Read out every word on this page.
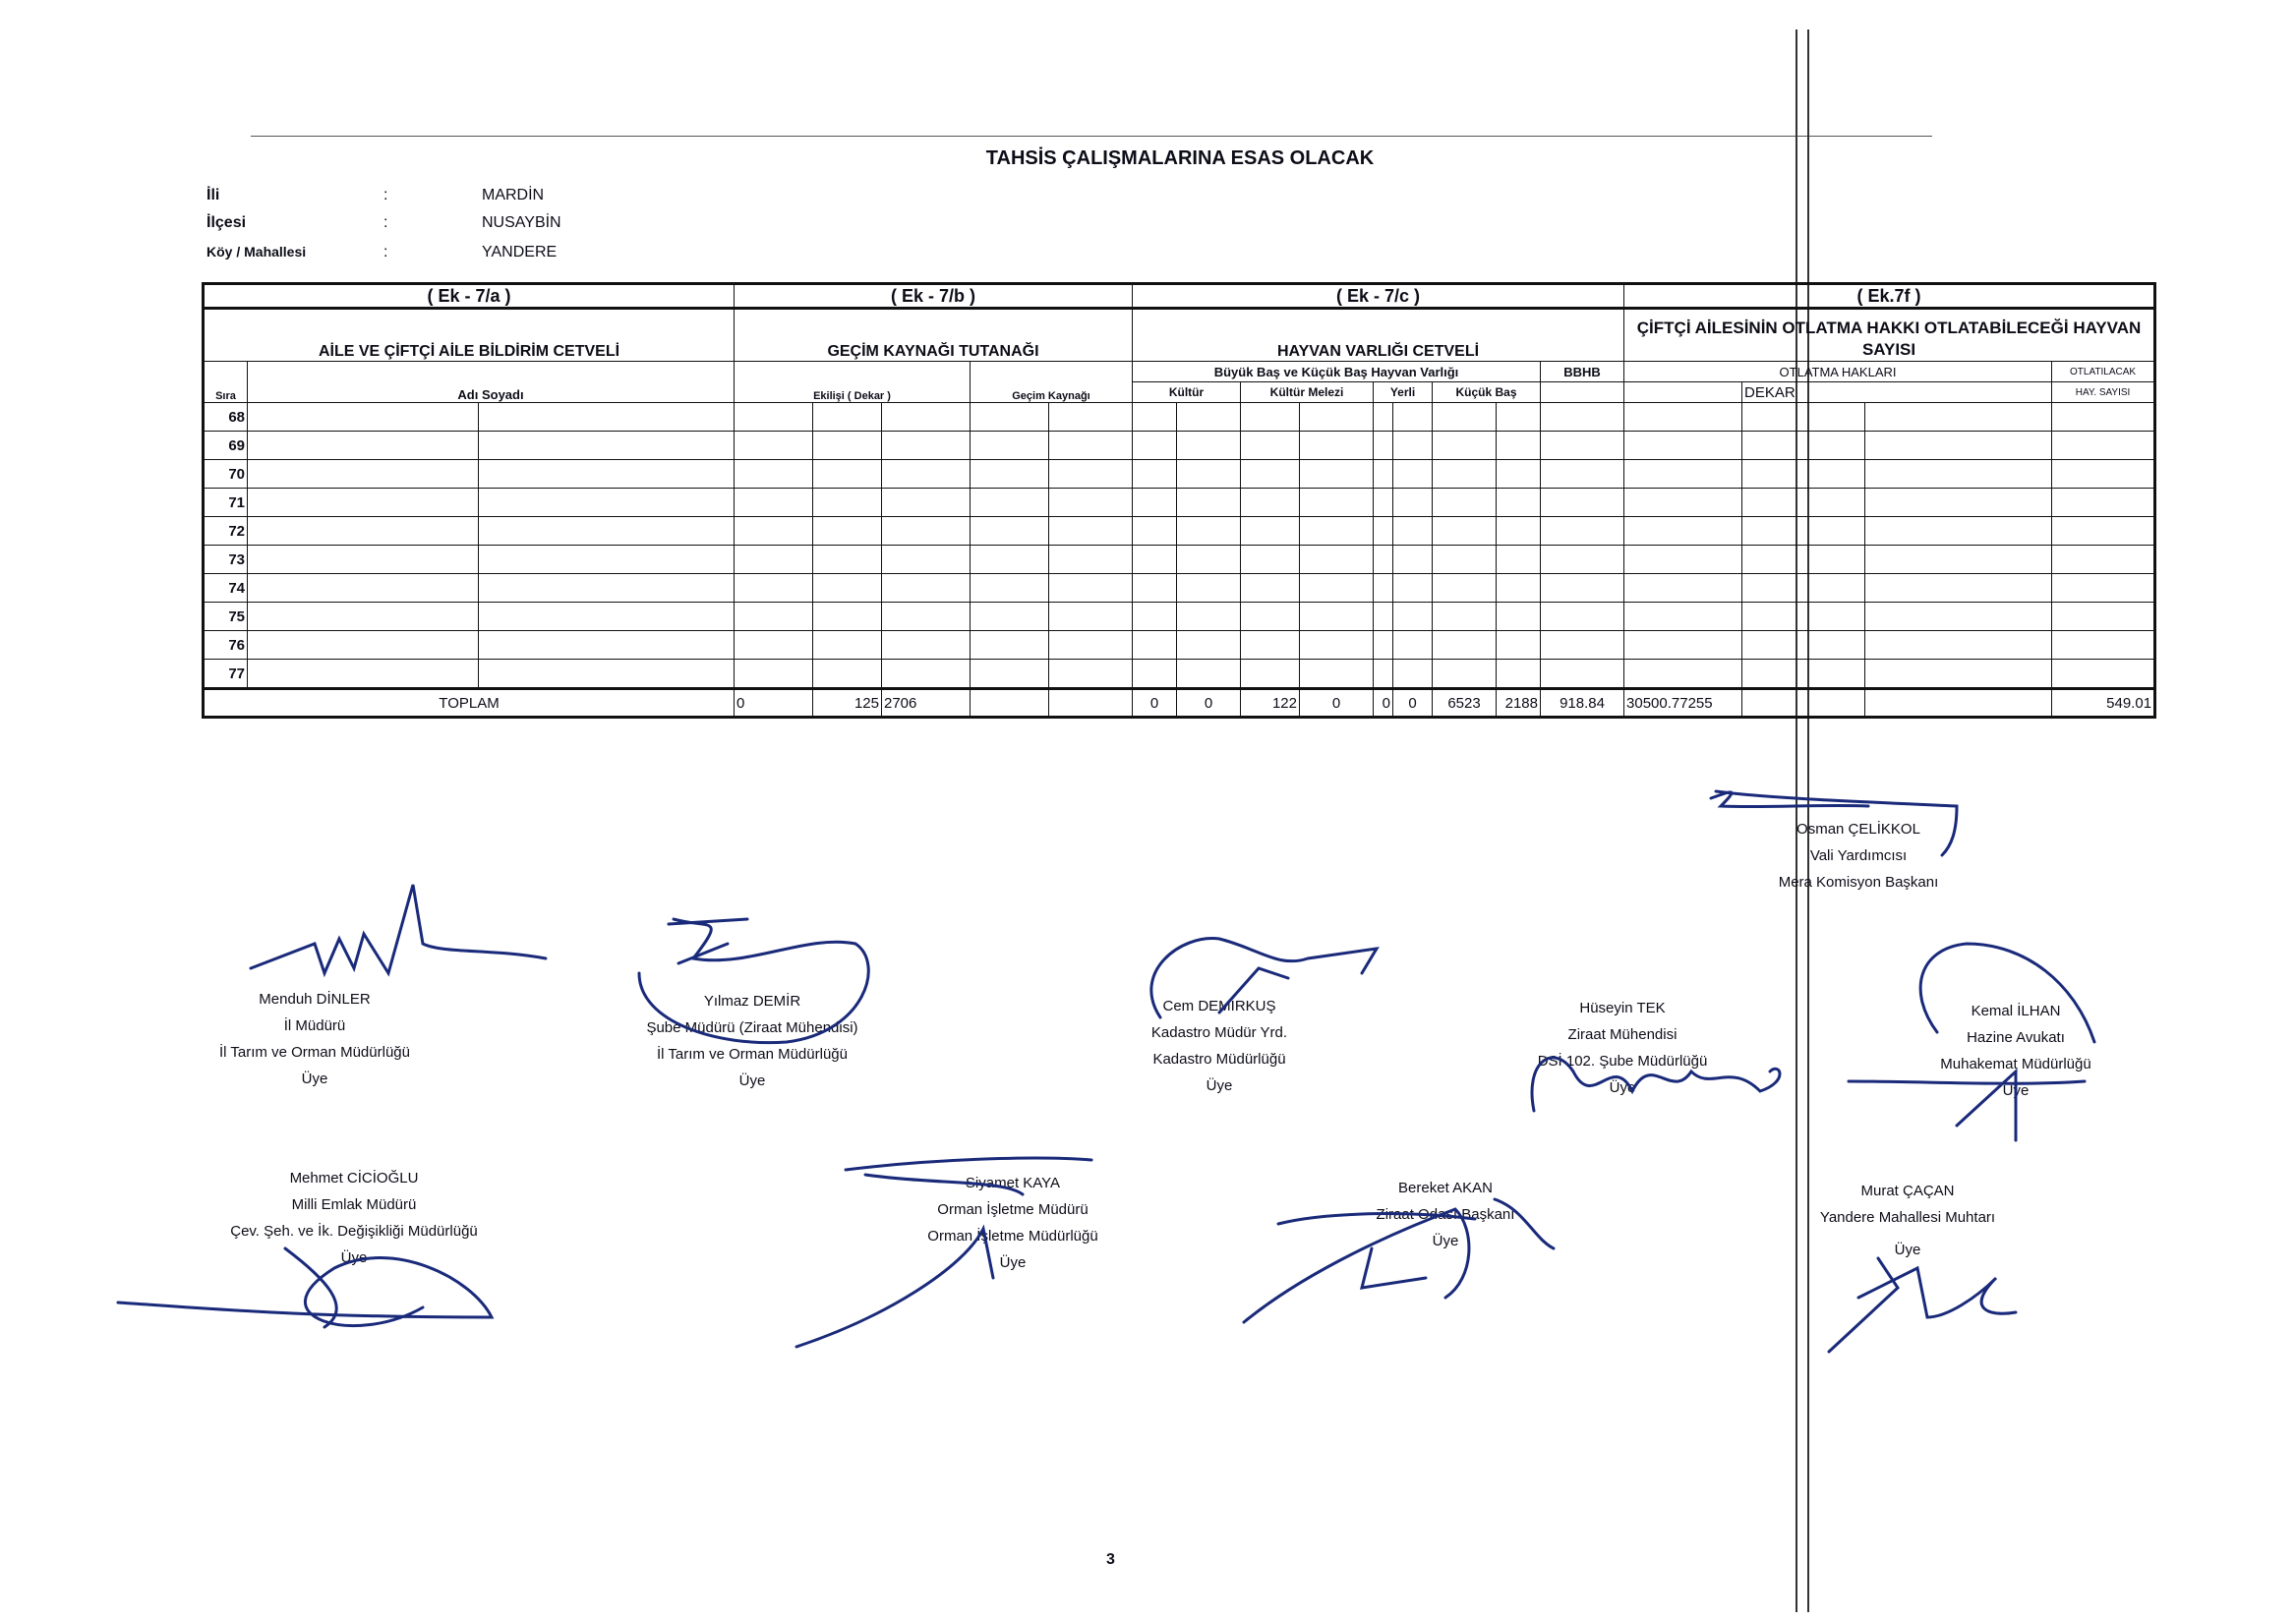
TAHSİS ÇALIŞMALARINA ESAS OLACAK
İli	:	MARDİN
İlçesi	:	NUSAYBİN
Köy / Mahallesi	:	YANDERE
( Ek - 7/a )			( Ek - 7/b )					( Ek - 7/c )									( Ek.7f )			
AİLE VE ÇİFTÇİ AİLE BİLDİRİM CETVELİ			GEÇİM KAYNAĞI TUTANAĞI					HAYVAN VARLIĞI CETVELİ									ÇİFTÇİ AİLESİNİN OTLATMA HAKKI OTLATABİLECEĞİ HAYVAN SAYISI			
Sıra	Adı Soyadı		Ekilişi ( Dekar )			Geçim Kaynağı		Büyük Baş ve Küçük Baş Hayvan Varlığı								BBHB	OTLATMA HAKLARI			OTLATILACAK
								Kültür		Kültür Melezi		Yerli		Küçük Baş				DEKAR		HAY. SAYISI
68																				
69																				
70																				
71																				
72																				
73																				
74																				
75																				
76																				
77																				
TOPLAM			0	125	2706			0	0	122	0	0	0	6523	2188	918.84	30500.77255			549.01
Osman ÇELİKKOL
Vali Yardımcısı
Mera Komisyon Başkanı
Menduh DİNLER
İl Müdürü
İl Tarım ve Orman Müdürlüğü
Üye
Yılmaz DEMİR
Şube Müdürü (Ziraat Mühendisi)
İl Tarım ve Orman Müdürlüğü
Üye
Cem DEMİRKUŞ
Kadastro Müdür Yrd.
Kadastro Müdürlüğü
Üye
Hüseyin TEK
Ziraat Mühendisi
DSİ 102. Şube Müdürlüğü
Üye
Kemal İLHAN
Hazine Avukatı
Muhakemat Müdürlüğü
Üye
Mehmet CİCİOĞLU
Milli Emlak Müdürü
Çev. Şeh. ve İk. Değişikliği Müdürlüğü
Üye
Siyamet KAYA
Orman İşletme Müdürü
Orman İşletme Müdürlüğü
Üye
Bereket AKAN
Ziraat Odası Başkanı
Üye
Murat ÇAÇAN
Yandere Mahallesi Muhtarı
Üye
3
